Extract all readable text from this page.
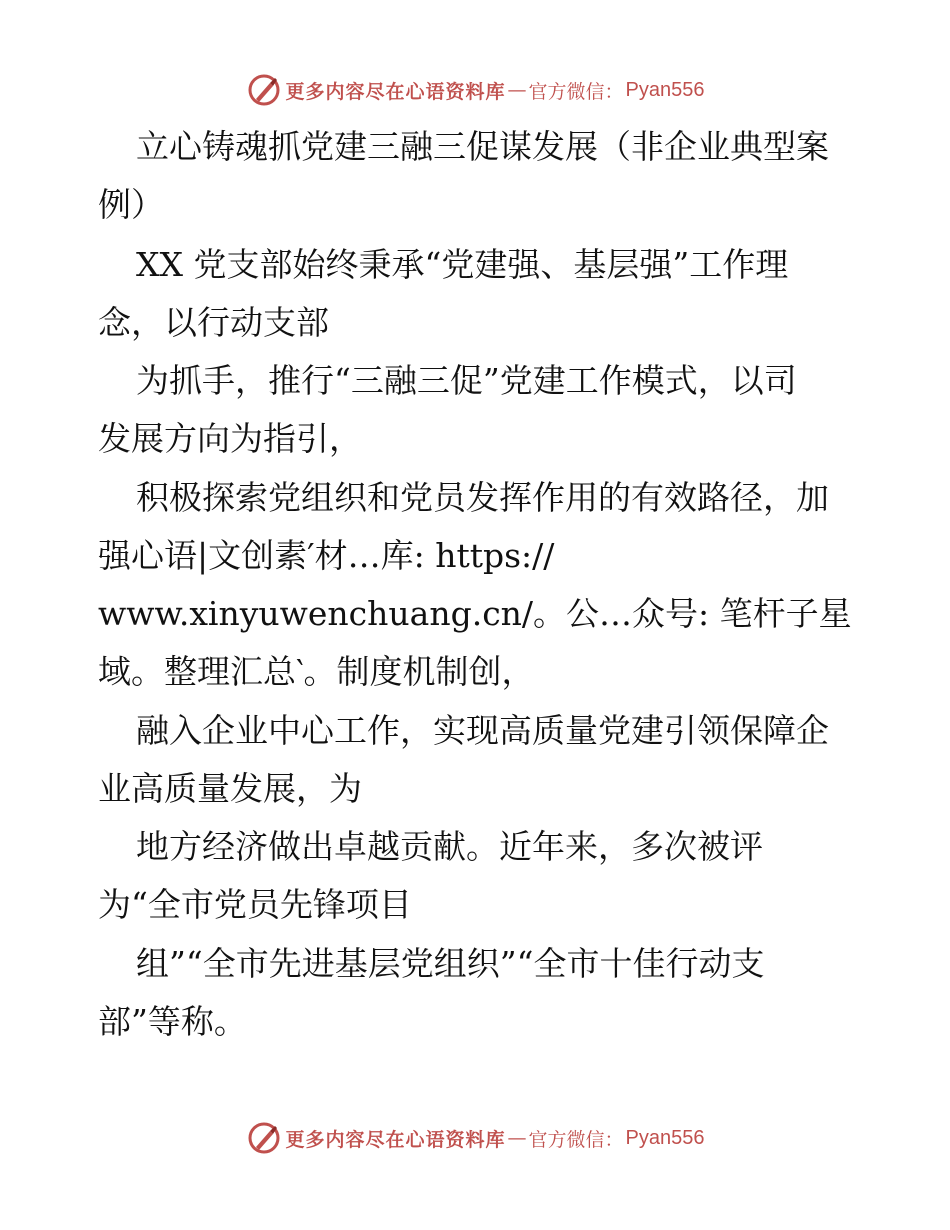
更多内容尽在心语资料库 — 官方微信： Pyan556
立心铸魂抓党建三融三促谋发展（非企业典型案
例）
XX 党支部始终秉承“党建强、基层强”工作理
念，以行动支部
为抓手，推行“三融三促”党建工作模式，以司
发展方向为指引，
积极探索党组织和党员发挥作用的有效路径，加
强心语|文创素′材…库: https://
www.xinyuwenchuang.cn/。公…众号: 笔杆子星
域。整理汇总‵。制度机制创，
融入企业中心工作，实现高质量党建引领保障企
业高质量发展，为
地方经济做出卓越贡献。近年来，多次被评
为“全市党员先锋项目
组”“全市先进基层党组织”“全市十佳行动支
部”等称。
更多内容尽在心语资料库 — 官方微信： Pyan556
